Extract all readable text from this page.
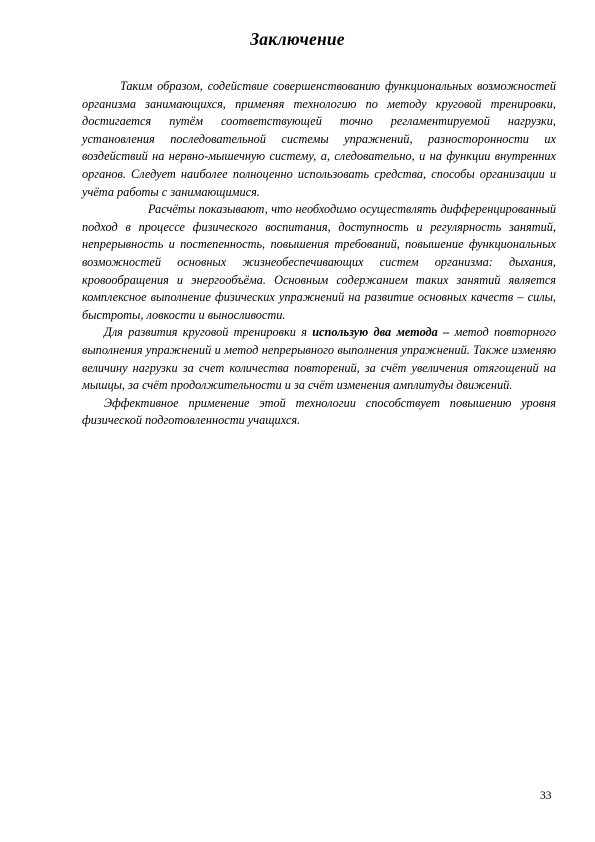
Заключение

Таким образом, содействие совершенствованию функциональных возможностей организма занимающихся, применяя технологию по методу круговой тренировки, достигается путём соответствующей точно регламентируемой нагрузки, установления последовательной системы упражнений, разносторонности их воздействий на нервно-мышечную систему, а, следовательно, и на функции внутренних органов. Следует наиболее полноценно использовать средства, способы организации и учёта работы с занимающимися.

Расчёты показывают, что необходимо осуществлять дифференцированный подход в процессе физического воспитания, доступность и регулярность занятий, непрерывность и постепенность, повышения требований, повышение функциональных возможностей основных жизнеобеспечивающих систем организма: дыхания, кровообращения и энергообъёма. Основным содержанием таких занятий является комплексное выполнение физических упражнений на развитие основных качеств – силы, быстроты, ловкости и выносливости.

Для развития круговой тренировки я использую два метода – метод повторного выполнения упражнений и метод непрерывного выполнения упражнений. Также изменяю величину нагрузки за счет количества повторений, за счёт увеличения отягощений на мышцы, за счёт продолжительности и за счёт изменения амплитуды движений.

Эффективное применение этой технологии способствует повышению уровня физической подготовленности учащихся.

33
